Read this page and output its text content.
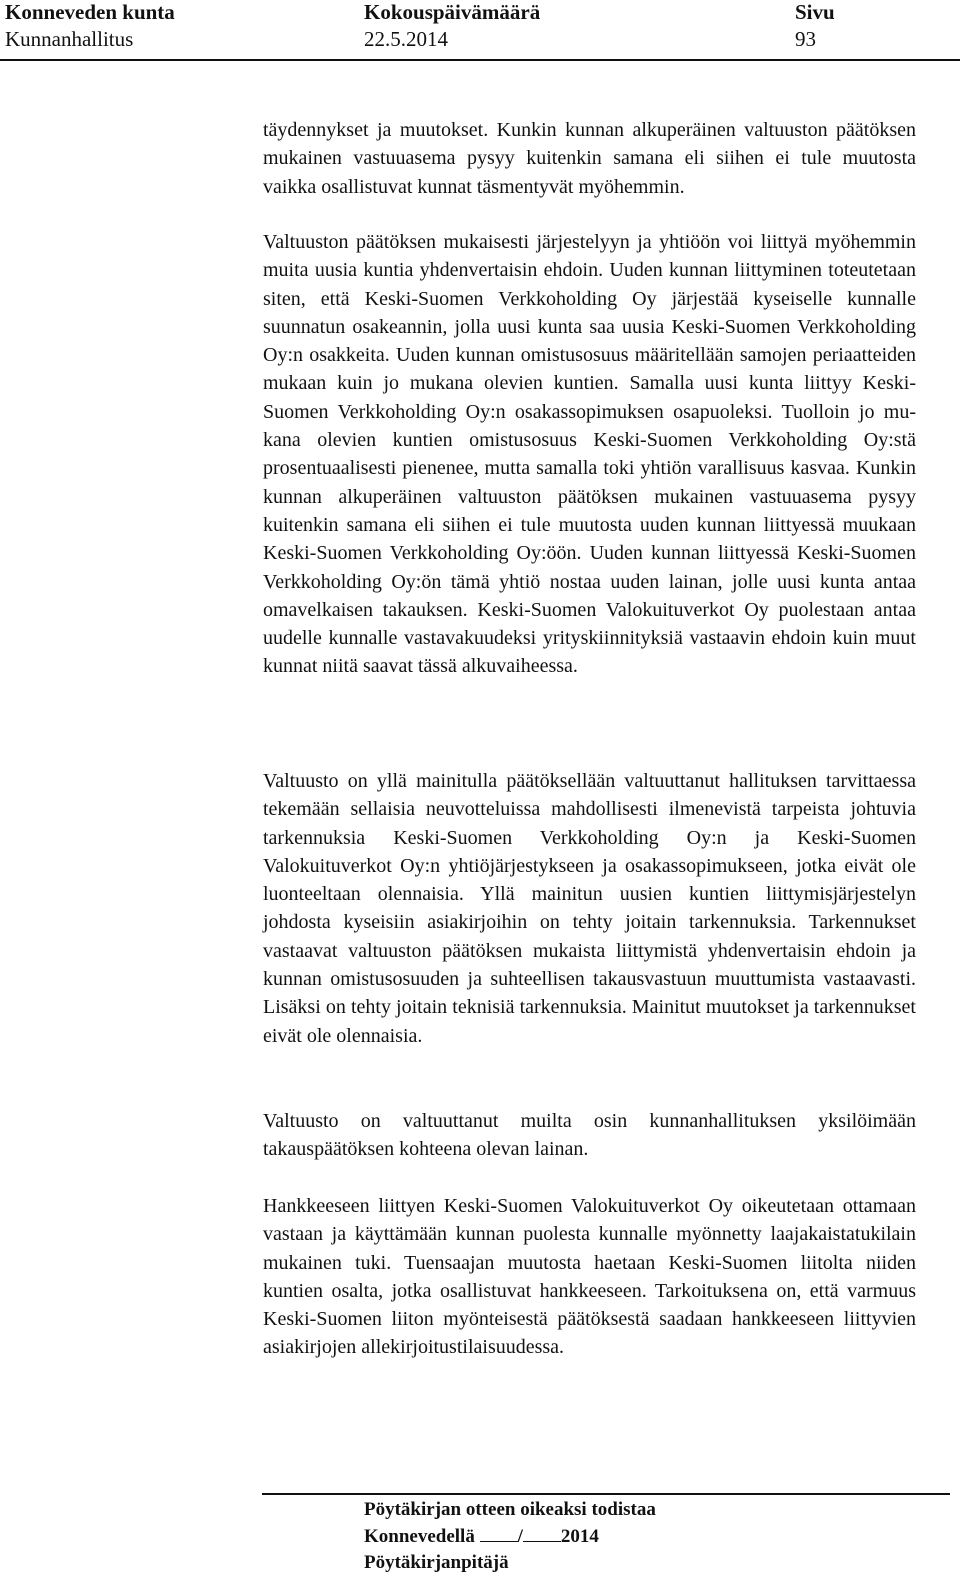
Konneveden kunta
Kunnanhallitus
Kokouspäivämäärä
22.5.2014
Sivu
93

täydennykset ja muutokset. Kunkin kunnan alkuperäinen valtuuston päätöksen mukainen vastuuasema pysyy kuitenkin samana eli siihen ei tule muutosta vaikka osallistuvat kunnat täsmentyvät myöhemmin.

Valtuuston päätöksen mukaisesti järjestelyyn ja yhtiöön voi liittyä myöhemmin muita uusia kuntia yhdenvertaisin ehdoin. Uuden kunnan liittyminen toteutetaan siten, että Keski-Suomen Verkkoholding Oy järjestää kyseiselle kunnalle suunnatun osakeannin, jolla uusi kunta saa uusia Keski-Suomen Verkkoholding Oy:n osakkeita. Uuden kunnan omistusosuus määritellään samojen periaatteiden mukaan kuin jo mukana olevien kuntien. Samalla uusi kunta liittyy Keski-Suomen Verkkoholding Oy:n osakassopimuksen osapuoleksi. Tuolloin jo mukana olevien kuntien omistusosuus Keski-Suomen Verkkoholding Oy:stä prosentuaalisesti pienenee, mutta samalla toki yhtiön varallisuus kasvaa. Kunkin kunnan alkuperäinen valtuuston päätöksen mukainen vastuuasema pysyy kuitenkin samana eli siihen ei tule muutosta uuden kunnan liittyessä muukaan Keski-Suomen Verkkoholding Oy:öön. Uuden kunnan liittyessä Keski-Suomen Verkkoholding Oy:ön tämä yhtiö nostaa uuden lainan, jolle uusi kunta antaa omavelkaisen takauksen. Keski-Suomen Valokuituverkot Oy puolestaan antaa uudelle kunnalle vastavakuudeksi yrityskiinnityksiä vastaavin ehdoin kuin muut kunnat niitä saavat tässä alkuvaiheessa.

Valtuusto on yllä mainitulla päätöksellään valtuuttanut hallituksen tarvittaessa tekemään sellaisia neuvotteluissa mahdollisesti ilmenevistä tarpeista johtuvia tarkennuksia Keski-Suomen Verkkoholding Oy:n ja Keski-Suomen Valokuituverkot Oy:n yhtiöjärjestykseen ja osakassopimukseen, jotka eivät ole luonteeltaan olennaisia. Yllä mainitun uusien kuntien liittymisjärjestelyn johdosta kyseisiin asiakirjoihin on tehty joitain tarkennuksia. Tarkennukset vastaavat valtuuston päätöksen mukaista liittymistä yhdenvertaisin ehdoin ja kunnan omistusosuuden ja suhteellisen takausvastuun muuttumista vastaavasti. Lisäksi on tehty joitain teknisiä tarkennuksia. Mainitut muutokset ja tarkennukset eivät ole olennaisia.

Valtuusto on valtuuttanut muilta osin kunnanhallituksen yksilöimään takauspäätöksen kohteena olevan lainan.

Hankkeeseen liittyen Keski-Suomen Valokuituverkot Oy oikeutetaan ottamaan vastaan ja käyttämään kunnan puolesta kunnalle myönnetty laajakaistatukilain mukainen tuki. Tuensaajan muutosta haetaan Keski-Suomen liitolta niiden kuntien osalta, jotka osallistuvat hankkeeseen. Tarkoituksena on, että varmuus Keski-Suomen liiton myönteisestä päätöksestä saadaan hankkeeseen liittyvien asiakirjojen allekirjoitustilaisuudessa.

Pöytäkirjan otteen oikeaksi todistaa
Konnevedellä / 2014
Pöytäkirjanpitäjä
